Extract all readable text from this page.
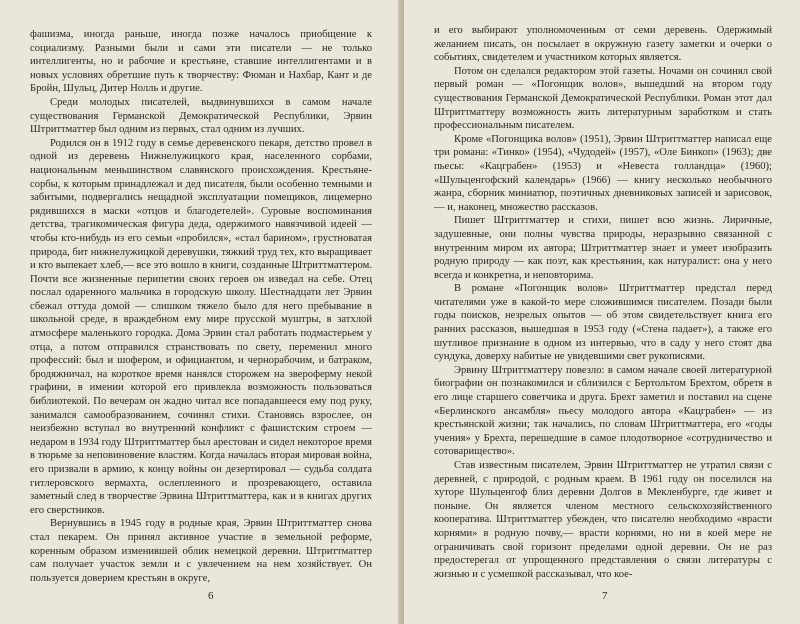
фашизма, иногда раньше, иногда позже началось приобщение к социализму. Разными были и сами эти писатели — не только интеллигенты, но и рабочие и крестьяне, ставшие интеллигентами и в новых условиях обретшие путь к творчеству: Фюман и Нахбар, Кант и де Бройн, Шульц, Дитер Нолль и другие.

Среди молодых писателей, выдвинувшихся в самом начале существования Германской Демократической Республики, Эрвин Штриттматтер был одним из первых, стал одним из лучших.

Родился он в 1912 году в семье деревенского пекаря, детство провел в одной из деревень Нижнелужицкого края, населенного сорбами, национальным меньшинством славянского происхождения. Крестьяне-сорбы, к которым принадлежал и дед писателя, были особенно темными и забитыми, подвергались нещадной эксплуатации помещиков, лицемерно рядившихся в маски «отцов и благодетелей». Суровые воспоминания детства, трагикомическая фигура деда, одержимого навязчивой идеей — чтобы кто-нибудь из его семьи «пробился», «стал барином», грустноватая природа, бит нижнелужицкой деревушки, тяжкий труд тех, кто выращивает и кто выпекает хлеб,— все это вошло в книги, созданные Штриттматтером. Почти все жизненные перипетии своих героев он изведал на себе. Отец послал одаренного мальчика в городскую школу. Шестнадцати лет Эрвин сбежал оттуда домой — слишком тяжело было для него пребывание в школьной среде, в враждебном ему мире прусской муштры, в затхлой атмосфере маленького городка. Дома Эрвин стал работать подмастерьем у отца, а потом отправился странствовать по свету, переменил много профессий: был и шофером, и официантом, и чернорабочим, и батраком, бродяжничал, на короткое время нанялся сторожем на звероферму некой графини, в имении которой его привлекла возможность пользоваться библиотекой. По вечерам он жадно читал все попадавшееся ему под руку, занимался самообразованием, сочинял стихи. Становясь взрослее, он неизбежно вступал во внутренний конфликт с фашистским строем — недаром в 1934 году Штриттматтер был арестован и сидел некоторое время в тюрьме за неповиновение властям. Когда началась вторая мировая война, его призвали в армию, к концу войны он дезертировал — судьба солдата гитлеровского вермахта, ослепленного и прозревающего, оставила заметный след в творчестве Эрвина Штриттматтера, как и в книгах других его сверстников.

Вернувшись в 1945 году в родные края, Эрвин Штриттматтер снова стал пекарем. Он принял активное участие в земельной реформе, коренным образом изменившей облик немецкой деревни. Штриттматтер сам получает участок земли и с увлечением на нем хозяйствует. Он пользуется доверием крестьян в округе,

6

и его выбирают уполномоченным от семи деревень. Одержимый желанием писать, он посылает в окружную газету заметки и очерки о событиях, свидетелем и участником которых является.

Потом он сделался редактором этой газеты. Ночами он сочинял свой первый роман — «Погонщик волов», вышедший на втором году существования Германской Демократической Республики. Роман этот дал Штриттматтеру возможность жить литературным заработком и стать профессиональным писателем.

Кроме «Погонщика волов» (1951), Эрвин Штриттматтер написал еще три романа: «Тинко» (1954), «Чудодей» (1957), «Оле Бинкоп» (1963); две пьесы: «Кацграбен» (1953) и «Невеста голландца» (1960); «Шульценгофский календарь» (1966) — книгу несколько необычного жанра, сборник миниатюр, поэтичных дневниковых записей и зарисовок,— и, наконец, множество рассказов.

Пишет Штриттматтер и стихи, пишет всю жизнь. Лиричные, задушевные, они полны чувства природы, неразрывно связанной с внутренним миром их автора; Штриттматтер знает и умеет изобразить родную природу — как поэт, как крестьянин, как натуралист: она у него всегда и конкретна, и неповторима.

В романе «Погонщик волов» Штриттматтер предстал перед читателями уже в какой-то мере сложившимся писателем. Позади были годы поисков, незрелых опытов — об этом свидетельствует книга его ранних рассказов, вышедшая в 1953 году («Стена падает»), а также его шутливое признание в одном из интервью, что в саду у него стоят два сундука, доверху набитые не увидевшими свет рукописями.

Эрвину Штриттматтеру повезло: в самом начале своей литературной биографии он познакомился и сблизился с Бертольтом Брехтом, обретя в его лице старшего советчика и друга. Брехт заметил и поставил на сцене «Берлинского ансамбля» пьесу молодого автора «Кацграбен» — из крестьянской жизни; так начались, по словам Штриттматтера, его «годы учения» у Брехта, перешедшие в самое плодотворное «сотрудничество и сотоварищество».

Став известным писателем, Эрвин Штриттматтер не утратил связи с деревней, с природой, с родным краем. В 1961 году он поселился на хуторе Шульценгоф близ деревни Долгов в Мекленбурге, где живет и поныне. Он является членом местного сельскохозяйственного кооператива. Штриттматтер убежден, что писателю необходимо «врасти корнями» в родную почву,— врасти корнями, но ни в коей мере не ограничивать свой горизонт пределами одной деревни. Он не раз предостерегал от упрощенного представления о связи литературы с жизнью и с усмешкой рассказывал, что кое-

7
